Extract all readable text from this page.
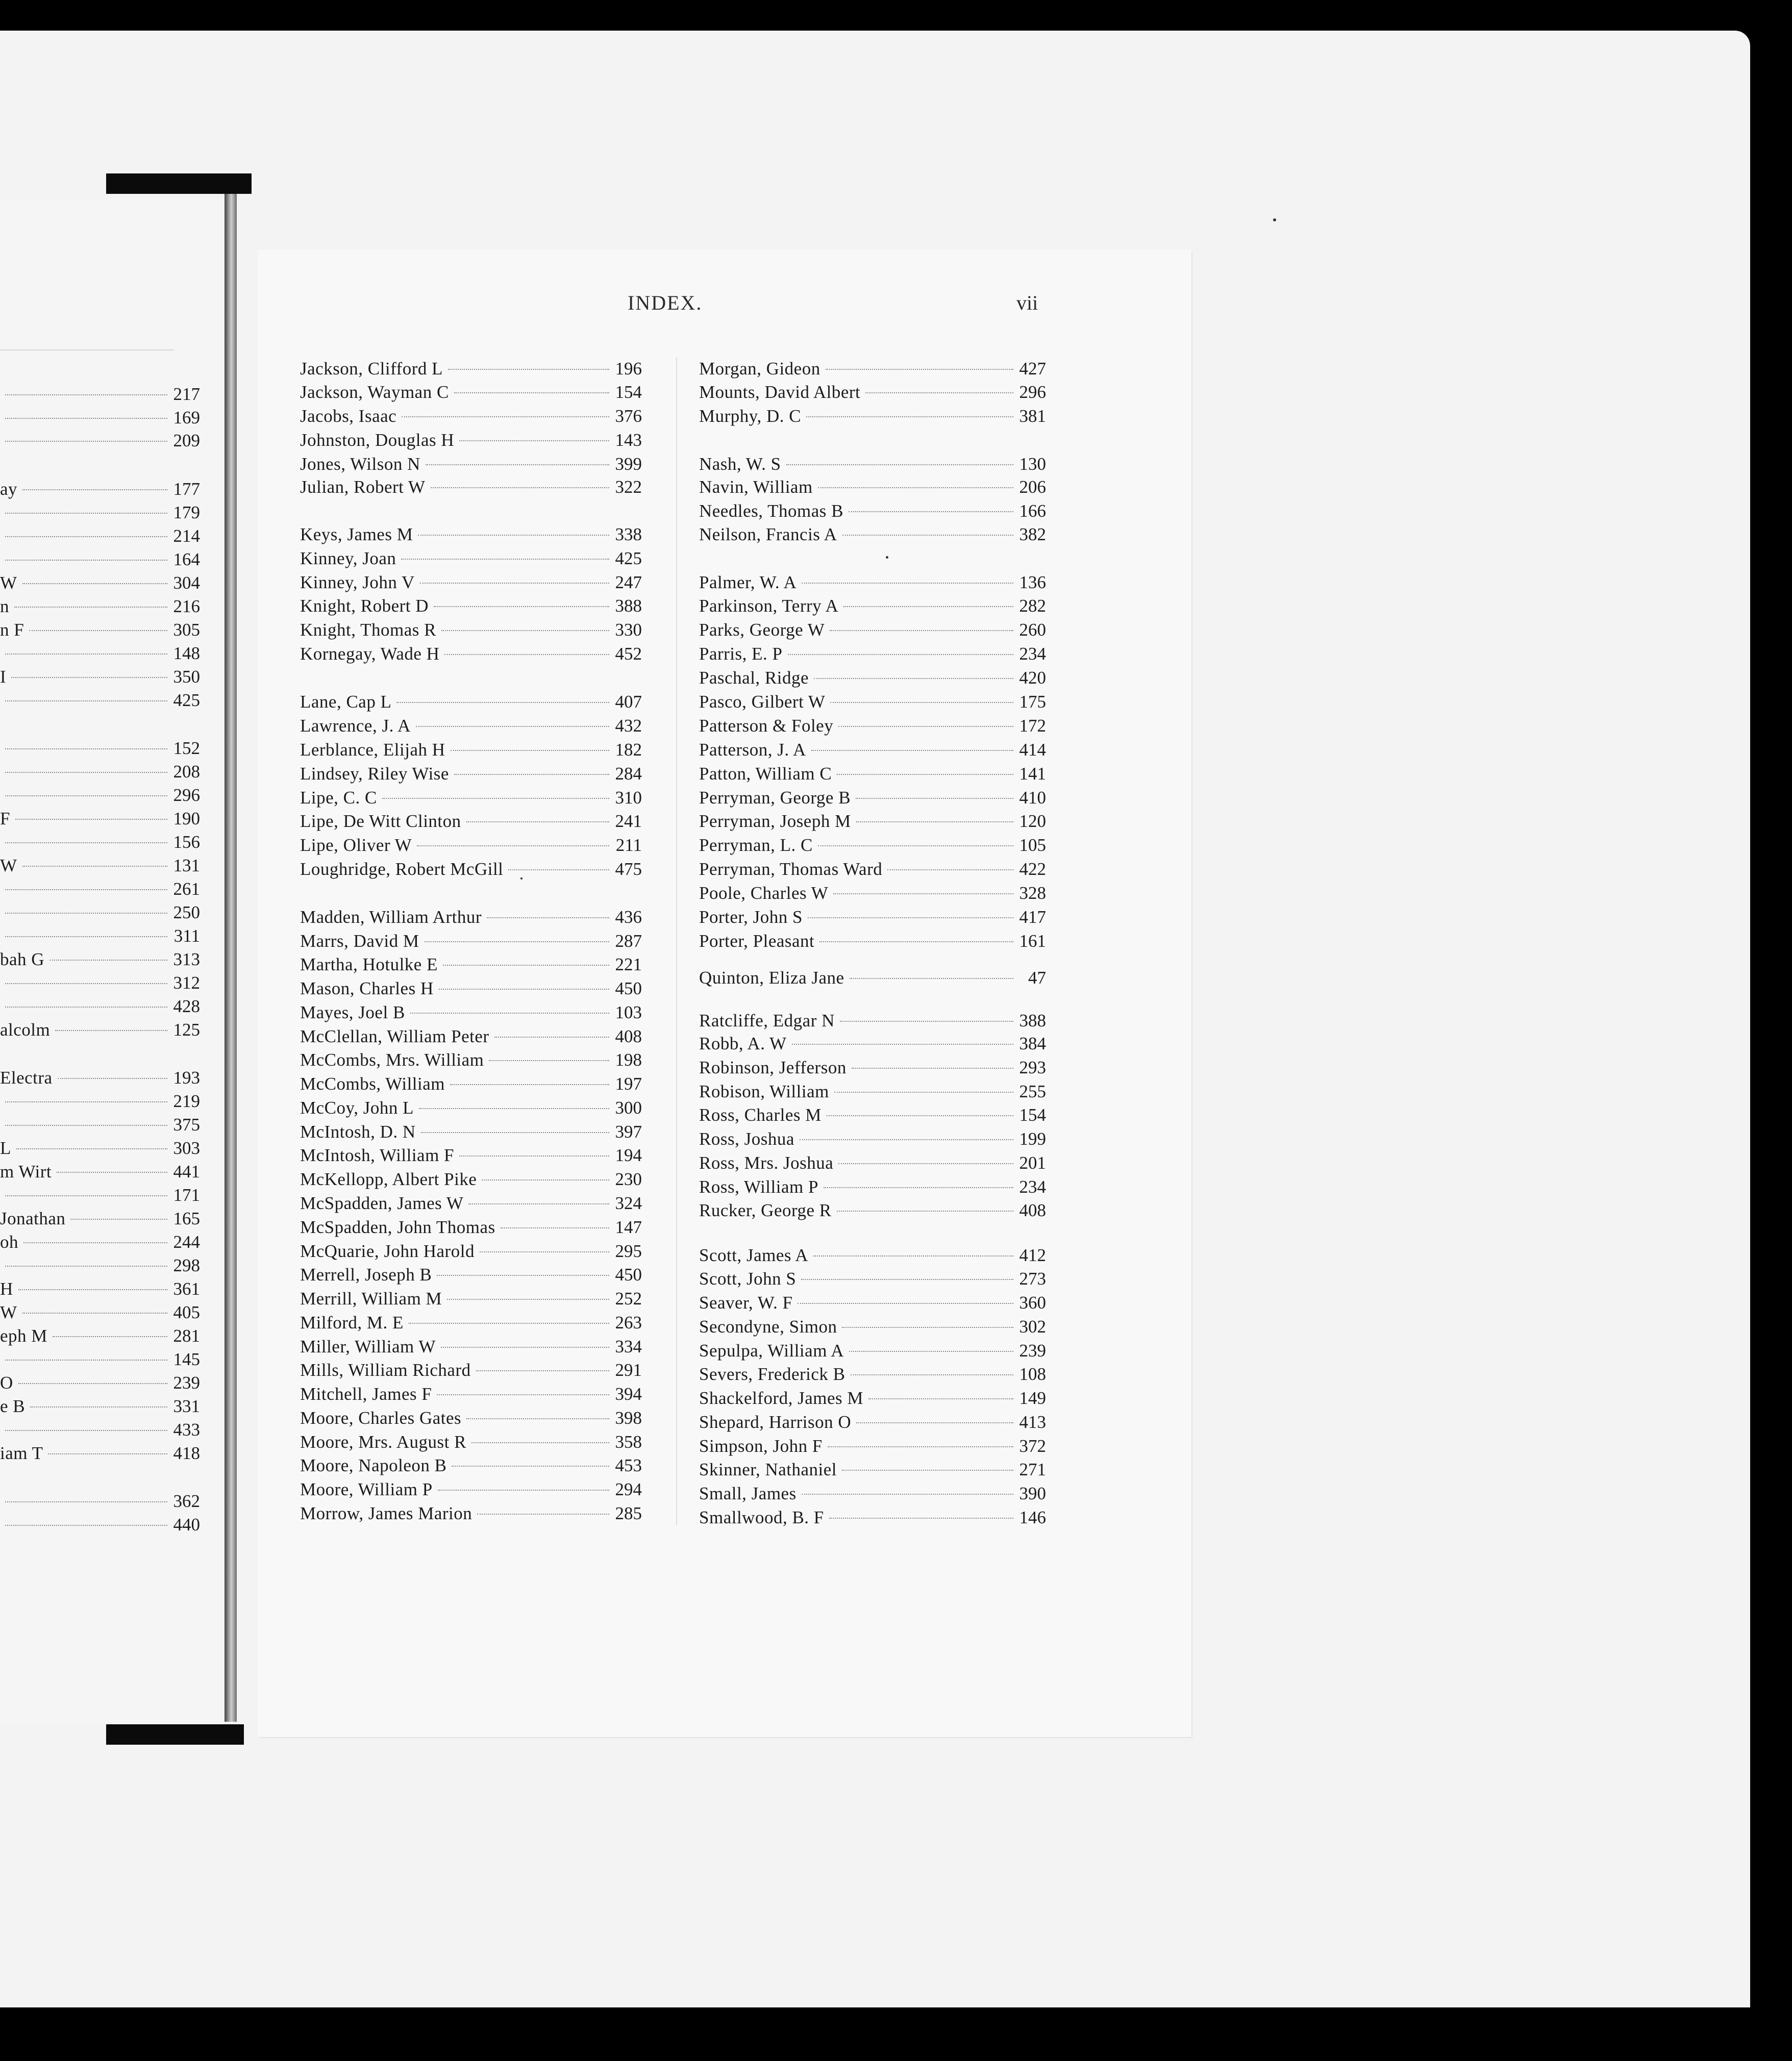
217
169
209
ay	177
179
214
164
W	304
n	216
n F	305
148
I	350
425
152
208
296
F	190
156
W	131
261
250
311
bah G	313
312
428
alcolm	125
Electra	193
219
375
L	303
m Wirt	441
171
Jonathan	165
oh	244
298
H	361
W	405
eph M	281
145
O	239
e B	331
433
iam T	418
362
440
INDEX.	vii
Jackson, Clifford L	196
Jackson, Wayman C	154
Jacobs, Isaac	376
Johnston, Douglas H	143
Jones, Wilson N	399
Julian, Robert W	322
Keys, James M	338
Kinney, Joan	425
Kinney, John V	247
Knight, Robert D	388
Knight, Thomas R	330
Kornegay, Wade H	452
Lane, Cap L	407
Lawrence, J. A	432
Lerblance, Elijah H	182
Lindsey, Riley Wise	284
Lipe, C. C	310
Lipe, De Witt Clinton	241
Lipe, Oliver W	211
Loughridge, Robert McGill	475
Madden, William Arthur	436
Marrs, David M	287
Martha, Hotulke E	221
Mason, Charles H	450
Mayes, Joel B	103
McClellan, William Peter	408
McCombs, Mrs. William	198
McCombs, William	197
McCoy, John L	300
McIntosh, D. N	397
McIntosh, William F	194
McKellopp, Albert Pike	230
McSpadden, James W	324
McSpadden, John Thomas	147
McQuarie, John Harold	295
Merrell, Joseph B	450
Merrill, William M	252
Milford, M. E	263
Miller, William W	334
Mills, William Richard	291
Mitchell, James F	394
Moore, Charles Gates	398
Moore, Mrs. August R	358
Moore, Napoleon B	453
Moore, William P	294
Morrow, James Marion	285
Morgan, Gideon	427
Mounts, David Albert	296
Murphy, D. C	381
Nash, W. S	130
Navin, William	206
Needles, Thomas B	166
Neilson, Francis A	382
Palmer, W. A	136
Parkinson, Terry A	282
Parks, George W	260
Parris, E. P	234
Paschal, Ridge	420
Pasco, Gilbert W	175
Patterson & Foley	172
Patterson, J. A	414
Patton, William C	141
Perryman, George B	410
Perryman, Joseph M	120
Perryman, L. C	105
Perryman, Thomas Ward	422
Poole, Charles W	328
Porter, John S	417
Porter, Pleasant	161
Quinton, Eliza Jane	47
Ratcliffe, Edgar N	388
Robb, A. W	384
Robinson, Jefferson	293
Robison, William	255
Ross, Charles M	154
Ross, Joshua	199
Ross, Mrs. Joshua	201
Ross, William P	234
Rucker, George R	408
Scott, James A	412
Scott, John S	273
Seaver, W. F	360
Secondyne, Simon	302
Sepulpa, William A	239
Severs, Frederick B	108
Shackelford, James M	149
Shepard, Harrison O	413
Simpson, John F	372
Skinner, Nathaniel	271
Small, James	390
Smallwood, B. F	146
